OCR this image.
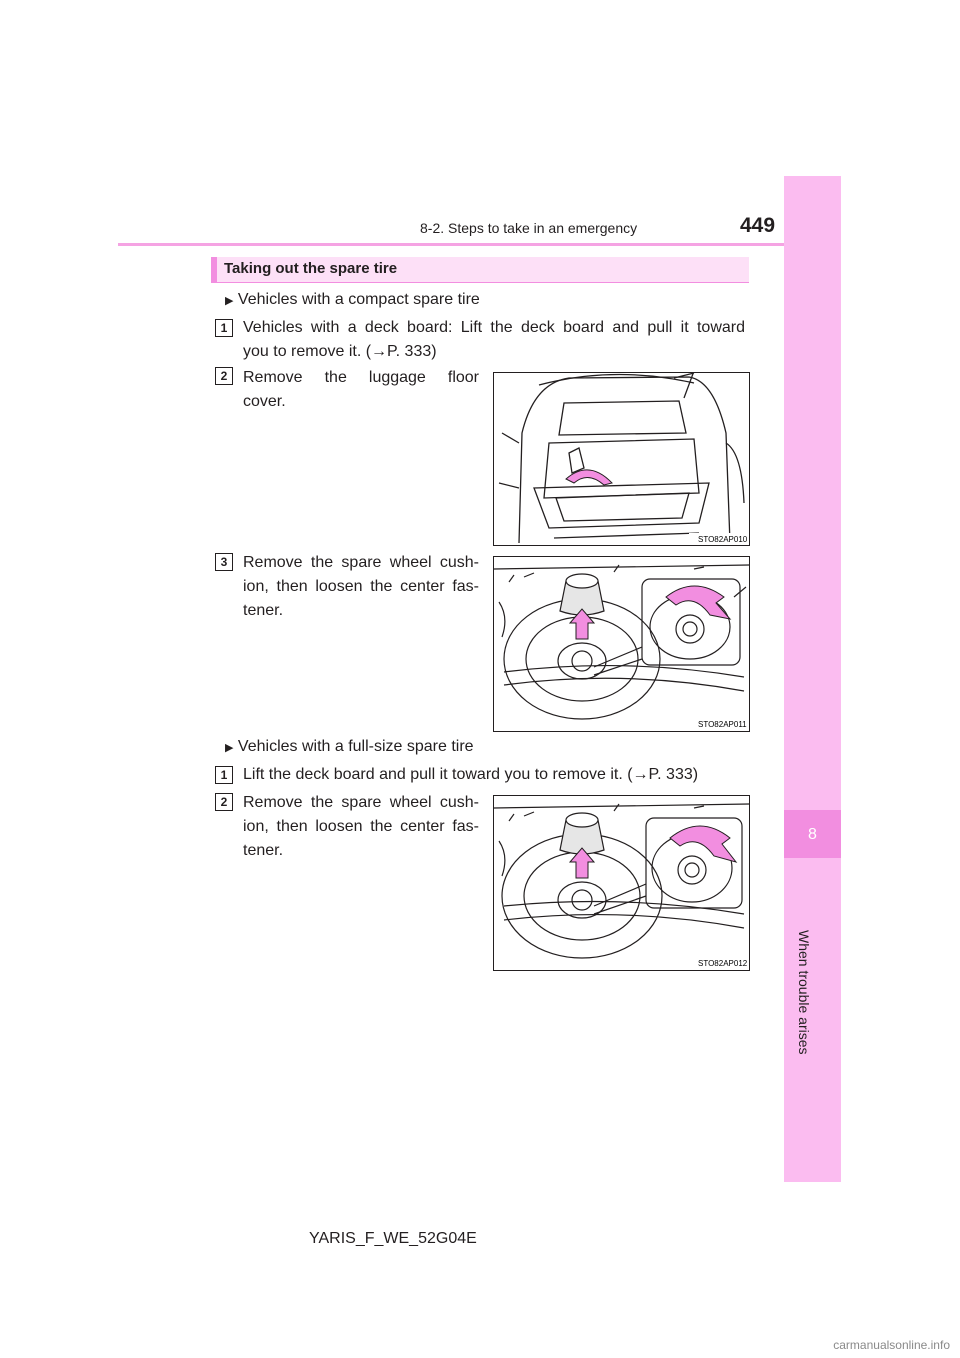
8-2. Steps to take in an emergency	449
8
When trouble arises
Taking out the spare tire
▶ Vehicles with a compact spare tire
1 Vehicles with a deck board: Lift the deck board and pull it toward
you to remove it. (→P. 333)
2 Remove the luggage floor
cover.
STO82AP010
3 Remove the spare wheel cush-
ion, then loosen the center fas-
tener.
STO82AP011
▶ Vehicles with a full-size spare tire
1 Lift the deck board and pull it toward you to remove it. (→P. 333)
2 Remove the spare wheel cush-
ion, then loosen the center fas-
tener.
STO82AP012
YARIS_F_WE_52G04E
carmanualsonline.info
